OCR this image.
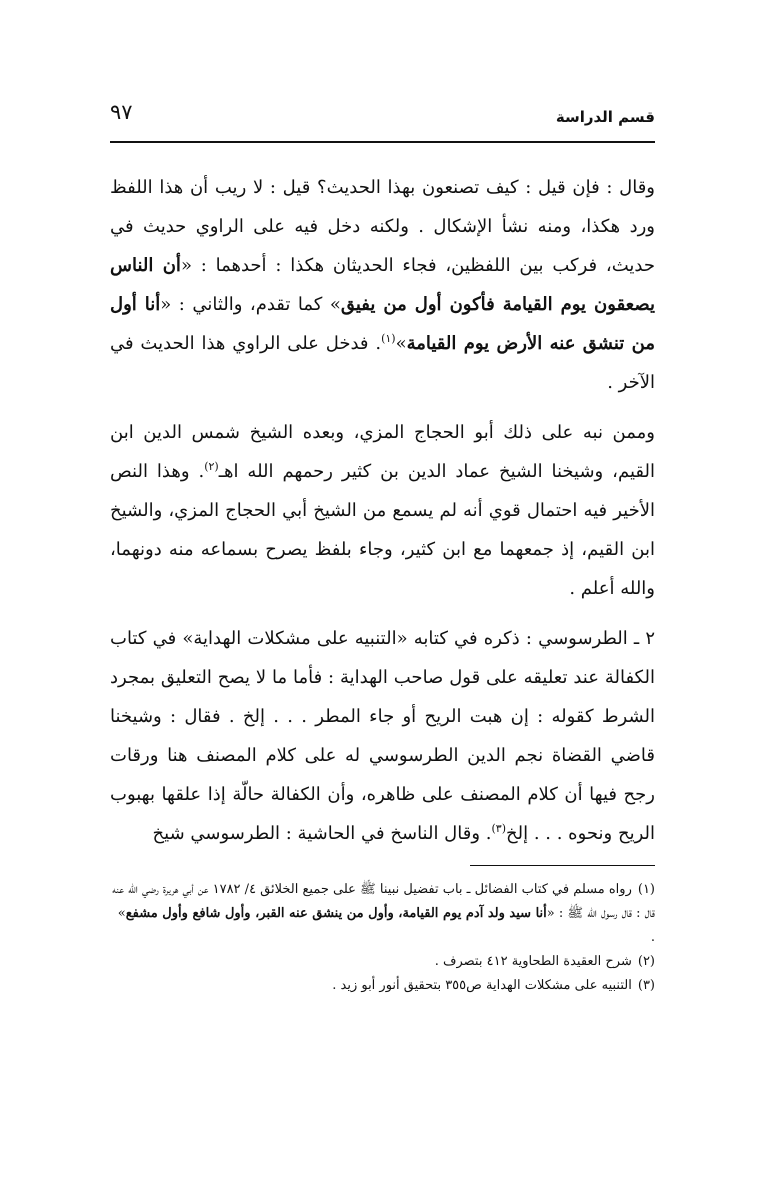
قسم الدراسة
٩٧

وقال : فإن قيل : كيف تصنعون بهذا الحديث؟ قيل : لا ريب أن هذا اللفظ ورد هكذا، ومنه نشأ الإشكال . ولكنه دخل فيه على الراوي حديث في حديث، فركب بين اللفظين، فجاء الحديثان هكذا : أحدهما : «أن الناس يصعقون يوم القيامة فأكون أول من يفيق» كما تقدم، والثاني : «أنا أول من تنشق عنه الأرض يوم القيامة»$^{(١)}$. فدخل على الراوي هذا الحديث في الآخر .

وممن نبه على ذلك أبو الحجاج المزي، وبعده الشيخ شمس الدين ابن القيم، وشيخنا الشيخ عماد الدين بن كثير رحمهم الله اهـ$^{(٢)}$. وهذا النص الأخير فيه احتمال قوي أنه لم يسمع من الشيخ أبي الحجاج المزي، والشيخ ابن القيم، إذ جمعهما مع ابن كثير، وجاء بلفظ يصرح بسماعه منه دونهما، والله أعلم .

٢ ـ الطرسوسي : ذكره في كتابه «التنبيه على مشكلات الهداية» في كتاب الكفالة عند تعليقه على قول صاحب الهداية : فأما ما لا يصح التعليق بمجرد الشرط كقوله : إن هبت الريح أو جاء المطر . . . إلخ . فقال : وشيخنا قاضي القضاة نجم الدين الطرسوسي له على كلام المصنف هنا ورقات رجح فيها أن كلام المصنف على ظاهره، وأن الكفالة حالّة إذا علقها بهبوب الريح ونحوه . . . إلخ$^{(٣)}$. وقال الناسخ في الحاشية : الطرسوسي شيخ

(١)رواه مسلم في كتاب الفضائل ـ باب تفضيل نبينا ﷺ على جميع الخلائق ٤/ ١٧٨٢ عن أبي هريرة رضي الله عنه قال : قال رسول الله ﷺ : «أنا سيد ولد آدم يوم القيامة، وأول من ينشق عنه القبر، وأول شافع وأول مشفع» .

(٢)شرح العقيدة الطحاوية ٤١٢ بتصرف .

(٣)التنبيه على مشكلات الهداية ص٣٥٥ بتحقيق أنور أبو زيد .
